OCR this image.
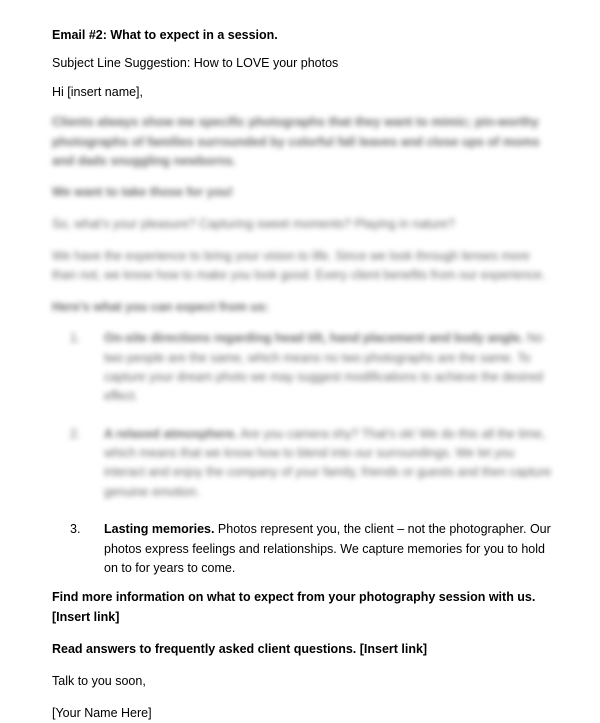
Email #2: What to expect in a session.

Subject Line Suggestion: How to LOVE your photos

Hi [insert name],

Clients always show me specific photographs that they want to mimic; pin-worthy photographs of families surrounded by colorful fall leaves and close ups of moms and dads snuggling newborns.

We want to take those for you!

So, what’s your pleasure? Capturing sweet moments? Playing in nature?

We have the experience to bring your vision to life. Since we look through lenses more than not, we know how to make you look good. Every client benefits from our experience.

Here’s what you can expect from us:

1.	On-site directions regarding head tilt, hand placement and body angle. No two people are the same, which means no two photographs are the same. To capture your dream photo we may suggest modifications to achieve the desired effect.
2.	A relaxed atmosphere. Are you camera shy? That’s ok! We do this all the time, which means that we know how to blend into our surroundings. We let you interact and enjoy the company of your family, friends or guests and then capture genuine emotion.
3.	Lasting memories. Photos represent you, the client – not the photographer. Our photos express feelings and relationships. We capture memories for you to hold on to for years to come.

Find more information on what to expect from your photography session with us. [Insert link]

Read answers to frequently asked client questions. [Insert link]

Talk to you soon,

[Your Name Here]
